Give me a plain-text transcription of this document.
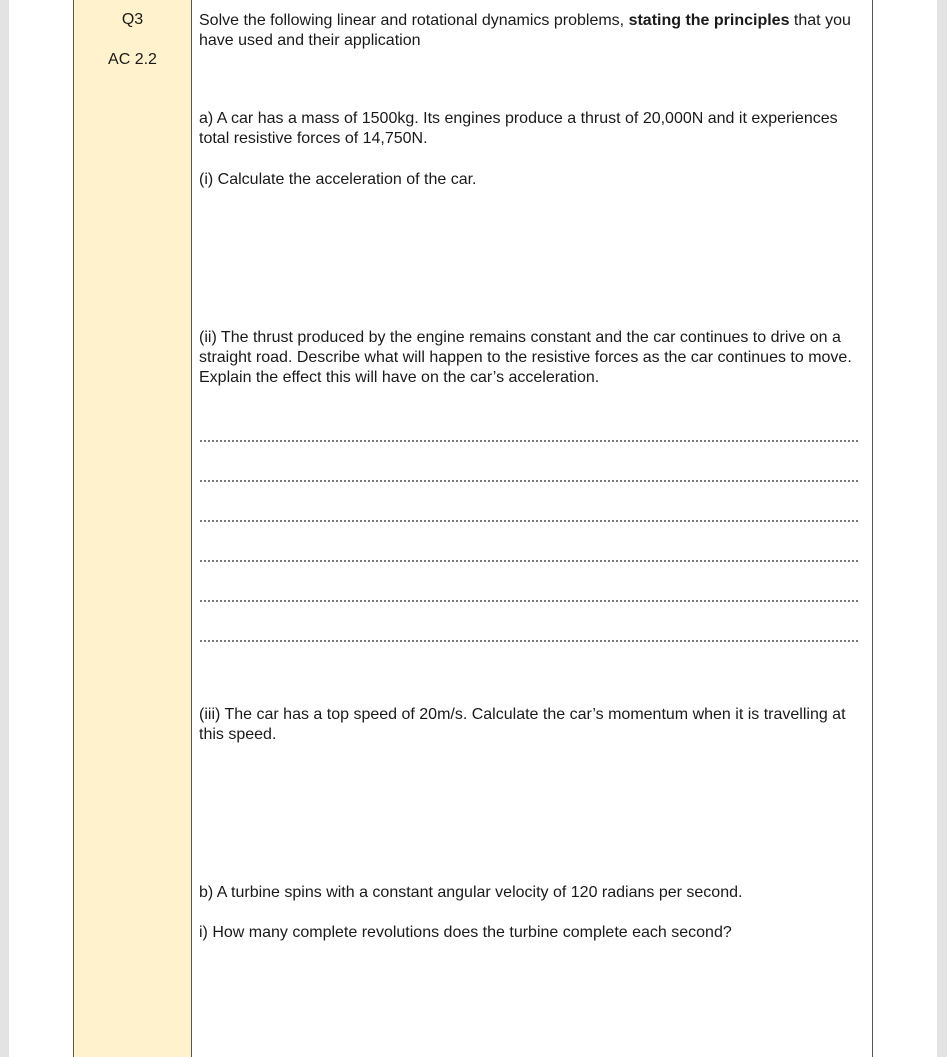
Q3
AC 2.2
Solve the following linear and rotational dynamics problems, stating the principles that you have used and their application
a) A car has a mass of 1500kg. Its engines produce a thrust of 20,000N and it experiences total resistive forces of 14,750N.
(i) Calculate the acceleration of the car.
(ii) The thrust produced by the engine remains constant and the car continues to drive on a straight road. Describe what will happen to the resistive forces as the car continues to move. Explain the effect this will have on the car’s acceleration.
(iii) The car has a top speed of 20m/s. Calculate the car’s momentum when it is travelling at this speed.
b) A turbine spins with a constant angular velocity of 120 radians per second.
i) How many complete revolutions does the turbine complete each second?
